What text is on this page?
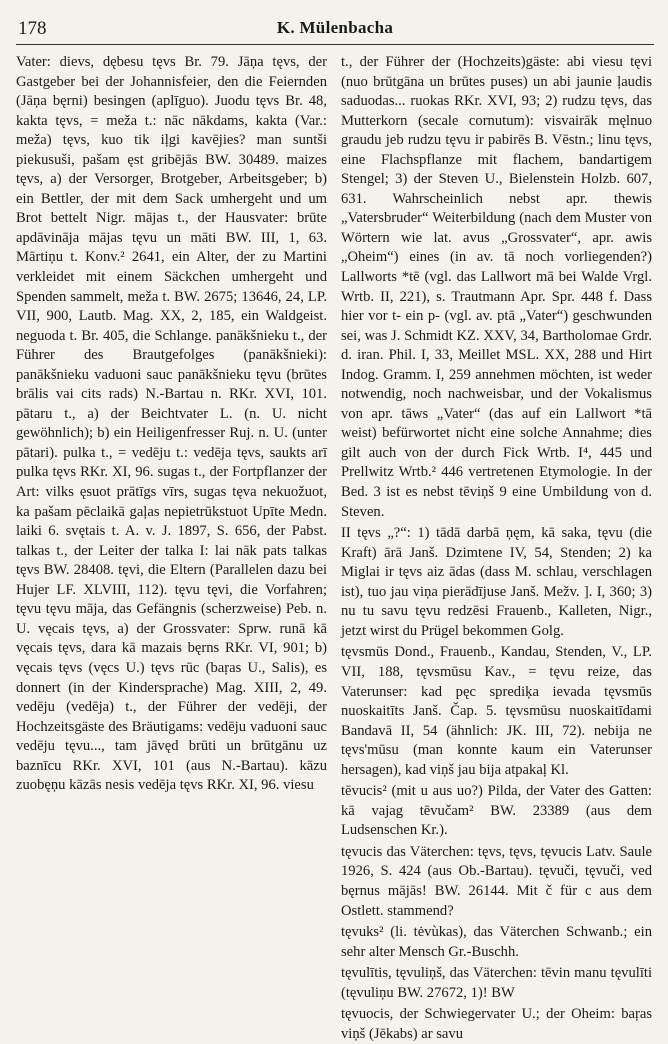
178	K. Mülenbacha

Vater: dievs, dębesu tęvs Br. 79. Jāņa tęvs, der Gastgeber bei der Johannisfeier, den die Feiernden (Jāņa bęrni) besingen (aplīguo). Juodu tęvs Br. 48, kakta tęvs, = meža t.: nāc nākdams, kakta (Var.: meža) tęvs, kuo tik iļgi kavējies? man suntši piekusuši, pašam ęst gribējās BW. 30489. maizes tęvs, a) der Versorger, Brotgeber, Arbeitsgeber; b) ein Bettler, der mit dem Sack umhergeht und um Brot bettelt Nigr. mājas t., der Hausvater: brūte apdāvināja mājas tęvu un māti BW. III, 1, 63. Mārtiņu t. Konv.² 2641, ein Alter, der zu Martini verkleidet mit einem Säckchen umhergeht und Spenden sammelt, meža t. BW. 2675; 13646, 24, LP. VII, 900, Lautb. Mag. XX, 2, 185, ein Waldgeist. neguoda t. Br. 405, die Schlange. panākšnieku t., der Führer des Brautgefolges (panākšnieki): panākšnieku vaduoni sauc panākšnieku tęvu (brūtes brālis vai cits rads) N.-Bartau n. RKr. XVI, 101. pātaru t., a) der Beichtvater L. (n. U. nicht gewöhnlich); b) ein Heiligenfresser Ruj. n. U. (unter pātari). pulka t., = vedēju t.: vedēja tęvs, saukts arī pulka tęvs RKr. XI, 96. sugas t., der Fortpflanzer der Art: vilks ęsuot prātīgs vīrs, sugas tęva nekuožuot, ka pašam pēclaikā gaļas nepietrūkstuot Upīte Medn. laiki 6. svętais t. A. v. J. 1897, S. 656, der Pabst. talkas t., der Leiter der talka I: lai nāk pats talkas tęvs BW. 28408. tęvi, die Eltern (Parallelen dazu bei Hujer LF. XLVIII, 112). tęvu tęvi, die Vorfahren; tęvu tęvu māja, das Gefängnis (scherzweise) Peb. n. U. vęcais tęvs, a) der Grossvater: Sprw. runā kā vęcais tęvs, dara kā mazais bęrns RKr. VI, 901; b) vęcais tęvs (vęcs U.) tęvs rūc (baŗas U., Salis), es donnert (in der Kindersprache) Mag. XIII, 2, 49. vedēju (vedēja) t., der Führer der vedēji, der Hochzeitsgäste des Bräutigams: vedēju vaduoni sauc vedēju tęvu..., tam jāvęd brūti un brūtgānu uz baznīcu RKr. XVI, 101 (aus N.-Bartau). kāzu zuobęņu kāzās nesis vedēja tęvs RKr. XI, 96. viesu

t., der Führer der (Hochzeits)gäste: abi viesu tęvi (nuo brūtgāna un brūtes puses) un abi jaunie ļaudis saduodas... ruokas RKr. XVI, 93; 2) rudzu tęvs, das Mutterkorn (secale cornutum): visvairāk męlnuo graudu jeb rudzu tęvu ir pabirēs B. Vēstn.; linu tęvs, eine Flachspflanze mit flachem, bandartigem Stengel; 3) der Steven U., Bielenstein Holzb. 607, 631. Wahrscheinlich nebst apr. thewis „Vatersbruder“ Weiterbildung (nach dem Muster von Wörtern wie lat. avus „Grossvater“, apr. awis „Oheim“) eines (in av. tā noch vorliegenden?) Lallworts *tē (vgl. das Lallwort mā bei Walde Vrgl. Wrtb. II, 221), s. Trautmann Apr. Spr. 448 f. Dass hier vor t- ein p- (vgl. av. ptā „Vater“) geschwunden sei, was J. Schmidt KZ. XXV, 34, Bartholomae Grdr. d. iran. Phil. I, 33, Meillet MSL. XX, 288 und Hirt Indog. Gramm. I, 259 annehmen möchten, ist weder notwendig, noch nachweisbar, und der Vokalismus von apr. tāws „Vater“ (das auf ein Lallwort *tā weist) befürwortet nicht eine solche Annahme; dies gilt auch von der durch Fick Wrtb. I⁴, 445 und Prellwitz Wrtb.² 446 vertretenen Etymologie. In der Bed. 3 ist es nebst tēviņš 9 eine Umbildung von d. Steven.

II tęvs „?“: 1) tādā darbā ņęm, kā saka, tęvu (die Kraft) ārā Janš. Dzimtene IV, 54, Stenden; 2) ka Miglai ir tęvs aiz ādas (dass M. schlau, verschlagen ist), tuo jau viņa pierādījuse Janš. Mežv. ]. I, 360; 3) nu tu savu tęvu redzēsi Frauenb., Kalleten, Nigr., jetzt wirst du Prügel bekommen Golg.

tęvsmūs Dond., Frauenb., Kandau, Stenden, V., LP. VII, 188, tęvsmūsu Kav., = tęvu reize, das Vaterunser: kad pęc sprediķa ievada tęvsmūs nuoskaitīts Janš. Čap. 5. tęvsmūsu nuoskaitīdami Bandavā II, 54 (ähnlich: JK. III, 72). nebija ne tęvs'mūsu (man konnte kaum ein Vaterunser hersagen), kad viņš jau bija atpakaļ Kl.

tēvucis² (mit u aus uo?) Pilda, der Vater des Gatten: kā vajag tēvučam² BW. 23389 (aus dem Ludsenschen Kr.).

tęvucis das Väterchen: tęvs, tęvs, tęvucis Latv. Saule 1926, S. 424 (aus Ob.-Bartau). tęvuči, tęvuči, ved bęrnus mājās! BW. 26144. Mit č für c aus dem Ostlett. stammend?

tęvuks² (li. tėvùkas), das Väterchen Schwanb.; ein sehr alter Mensch Gr.-Buschh.

tęvulītis, tęvuliņš, das Väterchen: tēvin manu tęvulīti (tęvuliņu BW. 27672, 1)! BW

tęvuocis, der Schwiegervater U.; der Oheim: baŗas viņš (Jēkabs) ar savu
